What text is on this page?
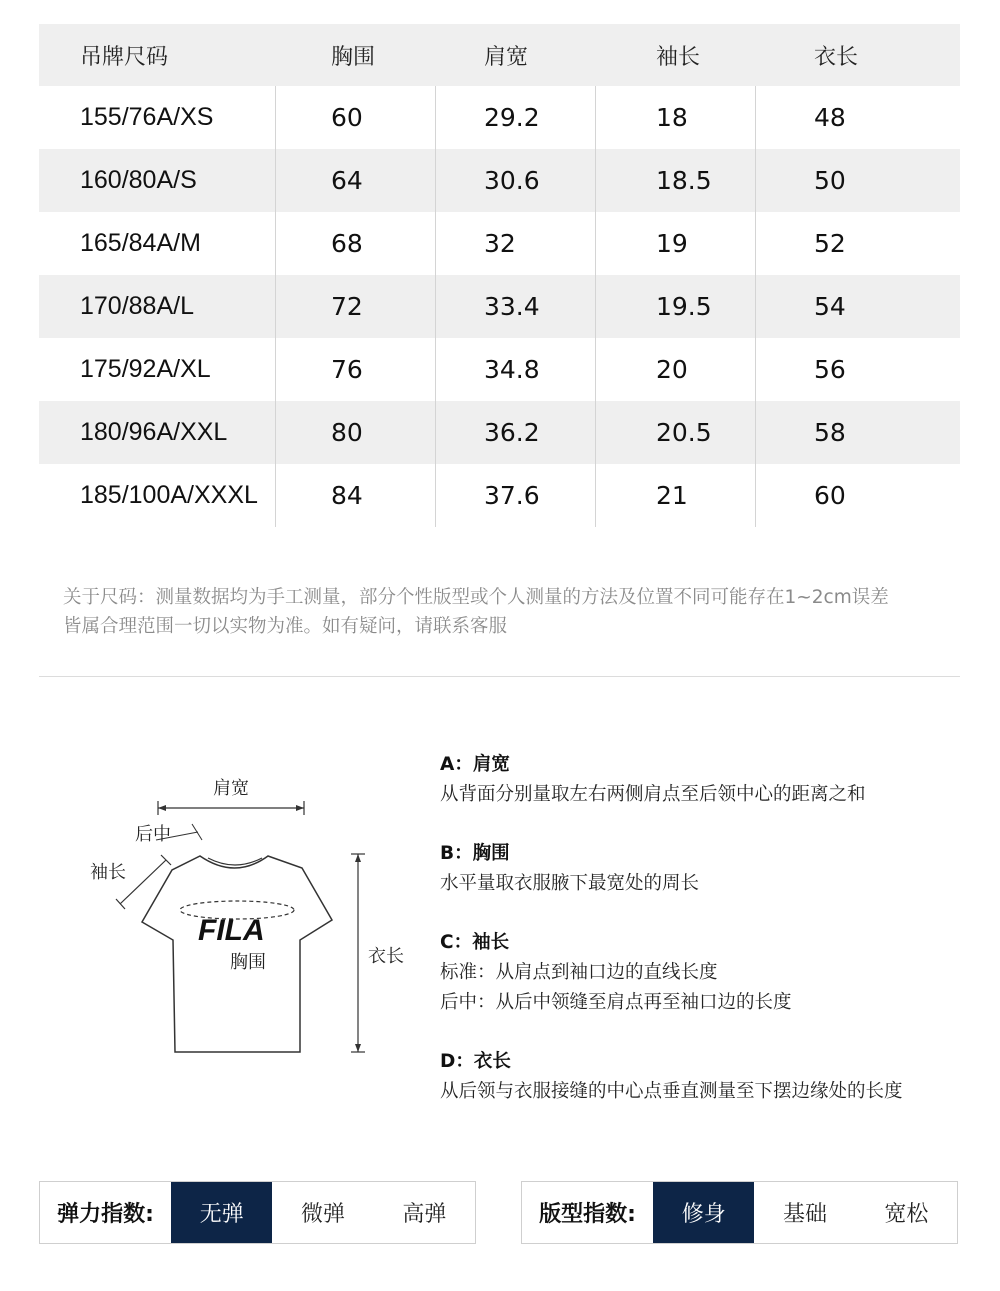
吊牌尺码	胸围	肩宽	袖长	衣长
155/76A/XS	60	29.2	18	48
160/80A/S	64	30.6	18.5	50
165/84A/M	68	32	19	52
170/88A/L	72	33.4	19.5	54
175/92A/XL	76	34.8	20	56
180/96A/XXL	80	36.2	20.5	58
185/100A/XXXL	84	37.6	21	60
关于尺码：测量数据均为手工测量，部分个性版型或个人测量的方法及位置不同可能存在1~2cm误差
皆属合理范围一切以实物为准。如有疑问，请联系客服
FILA
肩宽
后中
袖长
胸围	衣长
A：肩宽
从背面分别量取左右两侧肩点至后领中心的距离之和
B：胸围
水平量取衣服腋下最宽处的周长
C：袖长
标准：从肩点到袖口边的直线长度
后中：从后中领缝至肩点再至袖口边的长度
D：衣长
从后领与衣服接缝的中心点垂直测量至下摆边缘处的长度
弹力指数:	无弹	微弹	高弹	版型指数:	修身	基础	宽松
